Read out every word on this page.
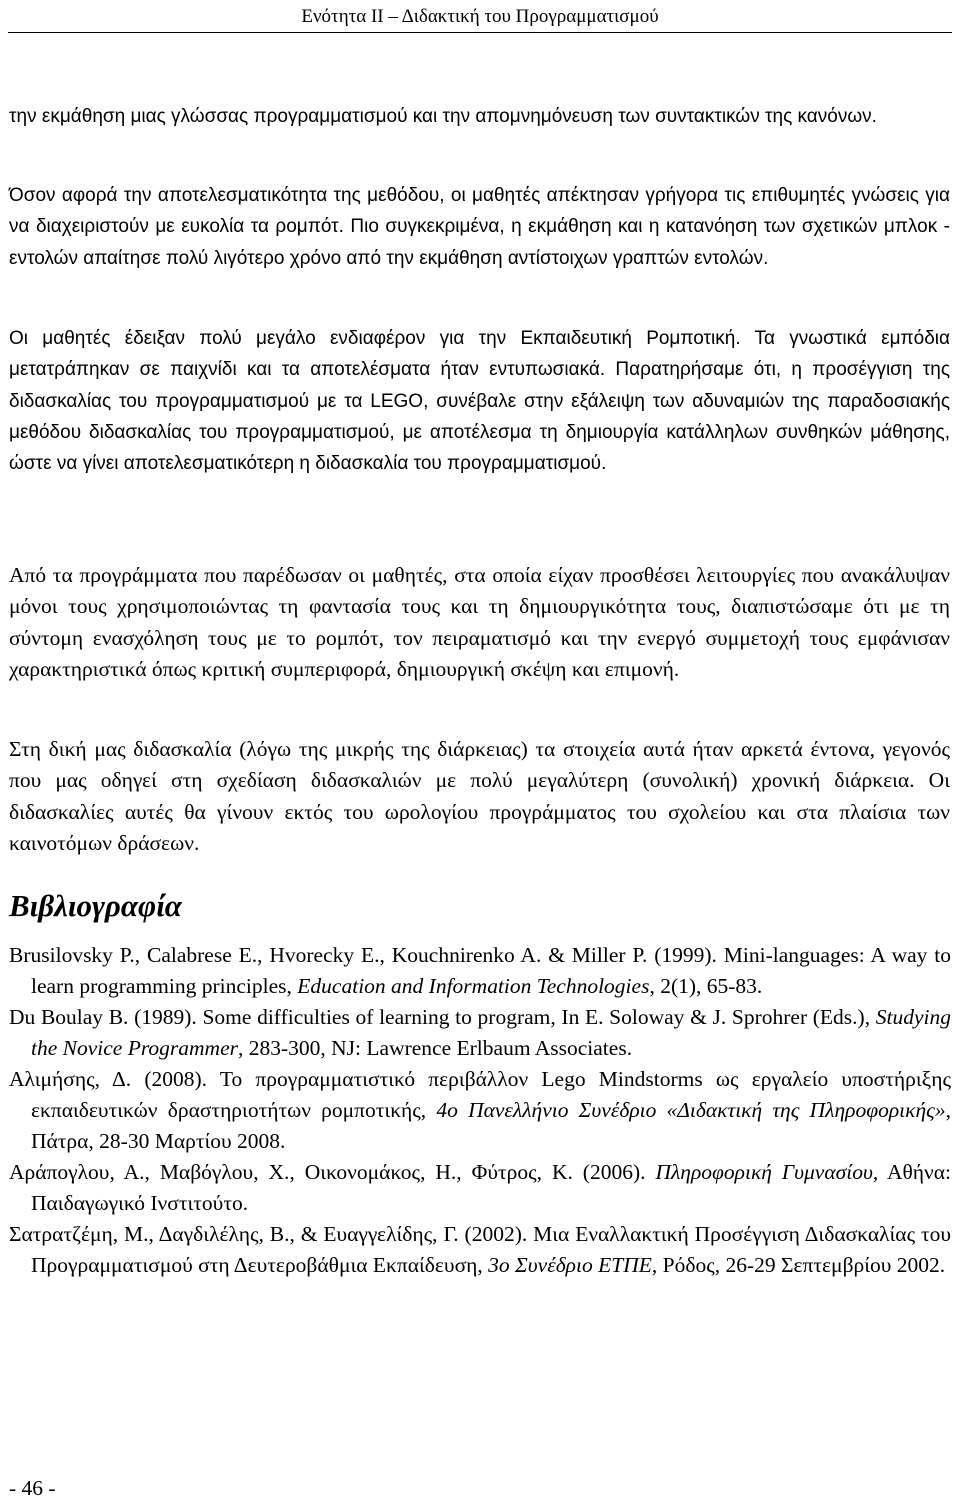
Ενότητα ΙΙ – Διδακτική του Προγραμματισμού

την εκμάθηση μιας γλώσσας προγραμματισμού και την απομνημόνευση των συντακτικών της κανόνων.

Όσον αφορά την αποτελεσματικότητα της μεθόδου, οι μαθητές απέκτησαν γρήγορα τις επιθυμητές γνώσεις για να διαχειριστούν με ευκολία τα ρομπότ. Πιο συγκεκριμένα, η εκμάθηση και η κατανόηση των σχετικών μπλοκ - εντολών απαίτησε πολύ λιγότερο χρόνο από την εκμάθηση αντίστοιχων γραπτών εντολών.

Οι μαθητές έδειξαν πολύ μεγάλο ενδιαφέρον για την Εκπαιδευτική Ρομποτική. Τα γνωστικά εμπόδια μετατράπηκαν σε παιχνίδι και τα αποτελέσματα ήταν εντυπωσιακά. Παρατηρήσαμε ότι, η προσέγγιση της διδασκαλίας του προγραμματισμού με τα LEGO, συνέβαλε στην εξάλειψη των αδυναμιών της παραδοσιακής μεθόδου διδασκαλίας του προγραμματισμού, με αποτέλεσμα τη δημιουργία κατάλληλων συνθηκών μάθησης, ώστε να γίνει αποτελεσματικότερη η διδασκαλία του προγραμματισμού.

Από τα προγράμματα που παρέδωσαν οι μαθητές, στα οποία είχαν προσθέσει λειτουργίες που ανακάλυψαν μόνοι τους χρησιμοποιώντας τη φαντασία τους και τη δημιουργικότητα τους, διαπιστώσαμε ότι με τη σύντομη ενασχόληση τους με το ρομπότ, τον πειραματισμό και την ενεργό συμμετοχή τους εμφάνισαν χαρακτηριστικά όπως κριτική συμπεριφορά, δημιουργική σκέψη και επιμονή.

Στη δική μας διδασκαλία (λόγω της μικρής της διάρκειας) τα στοιχεία αυτά ήταν αρκετά έντονα, γεγονός που μας οδηγεί στη σχεδίαση διδασκαλιών με πολύ μεγαλύτερη (συνολική) χρονική διάρκεια. Οι διδασκαλίες αυτές θα γίνουν εκτός του ωρολογίου προγράμματος του σχολείου και στα πλαίσια των καινοτόμων δράσεων.

Βιβλιογραφία

Brusilovsky P., Calabrese E., Hvorecky E., Kouchnirenko A. & Miller P. (1999). Mini-languages: A way to learn programming principles, Education and Information Technologies, 2(1), 65-83.

Du Boulay B. (1989). Some difficulties of learning to program, In E. Soloway & J. Sprohrer (Eds.), Studying the Novice Programmer, 283-300, NJ: Lawrence Erlbaum Associates.

Αλιμήσης, Δ. (2008). Το προγραμματιστικό περιβάλλον Lego Mindstorms ως εργαλείο υποστήριξης εκπαιδευτικών δραστηριοτήτων ρομποτικής, 4ο Πανελλήνιο Συνέδριο «Διδακτική της Πληροφορικής», Πάτρα, 28-30 Μαρτίου 2008.

Αράπογλου, Α., Μαβόγλου, Χ., Οικονομάκος, Η., Φύτρος, Κ. (2006). Πληροφορική Γυμνασίου, Αθήνα: Παιδαγωγικό Ινστιτούτο.

Σατρατζέμη, Μ., Δαγδιλέλης, Β., & Ευαγγελίδης, Γ. (2002). Μια Εναλλακτική Προσέγγιση Διδασκαλίας του Προγραμματισμού στη Δευτεροβάθμια Εκπαίδευση, 3ο Συνέδριο ΕΤΠΕ, Ρόδος, 26-29 Σεπτεμβρίου 2002.

- 46 -
